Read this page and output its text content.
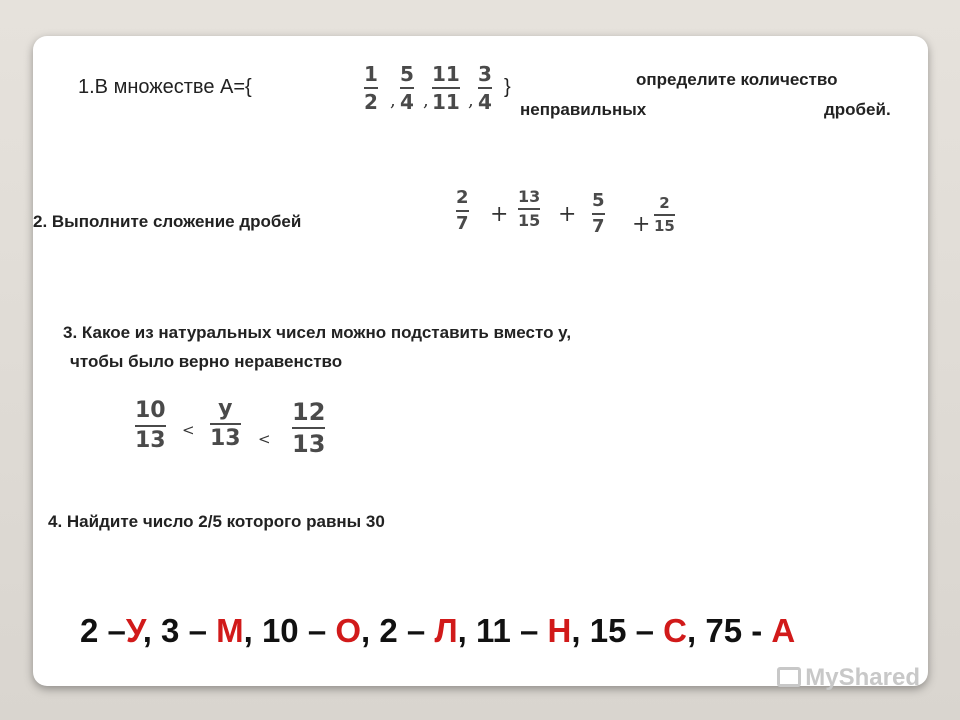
1.В множестве А={
1
2 ,
5
4 ,
11
11 ,
3
4
}	определите количество
неправильных	дробей.
2. Выполните сложение дробей
2
7 +
13
15 +
5
7 +
2
15
3. Какое из натуральных чисел можно подставить вместо у,
чтобы было верно неравенство
10
13 <
у
13 <
12
13
4. Найдите число 2/5 которого равны 30
2 –У, 3 – М, 10 – О, 2 – Л, 11 – Н, 15 – С, 75 - А
MyShared
